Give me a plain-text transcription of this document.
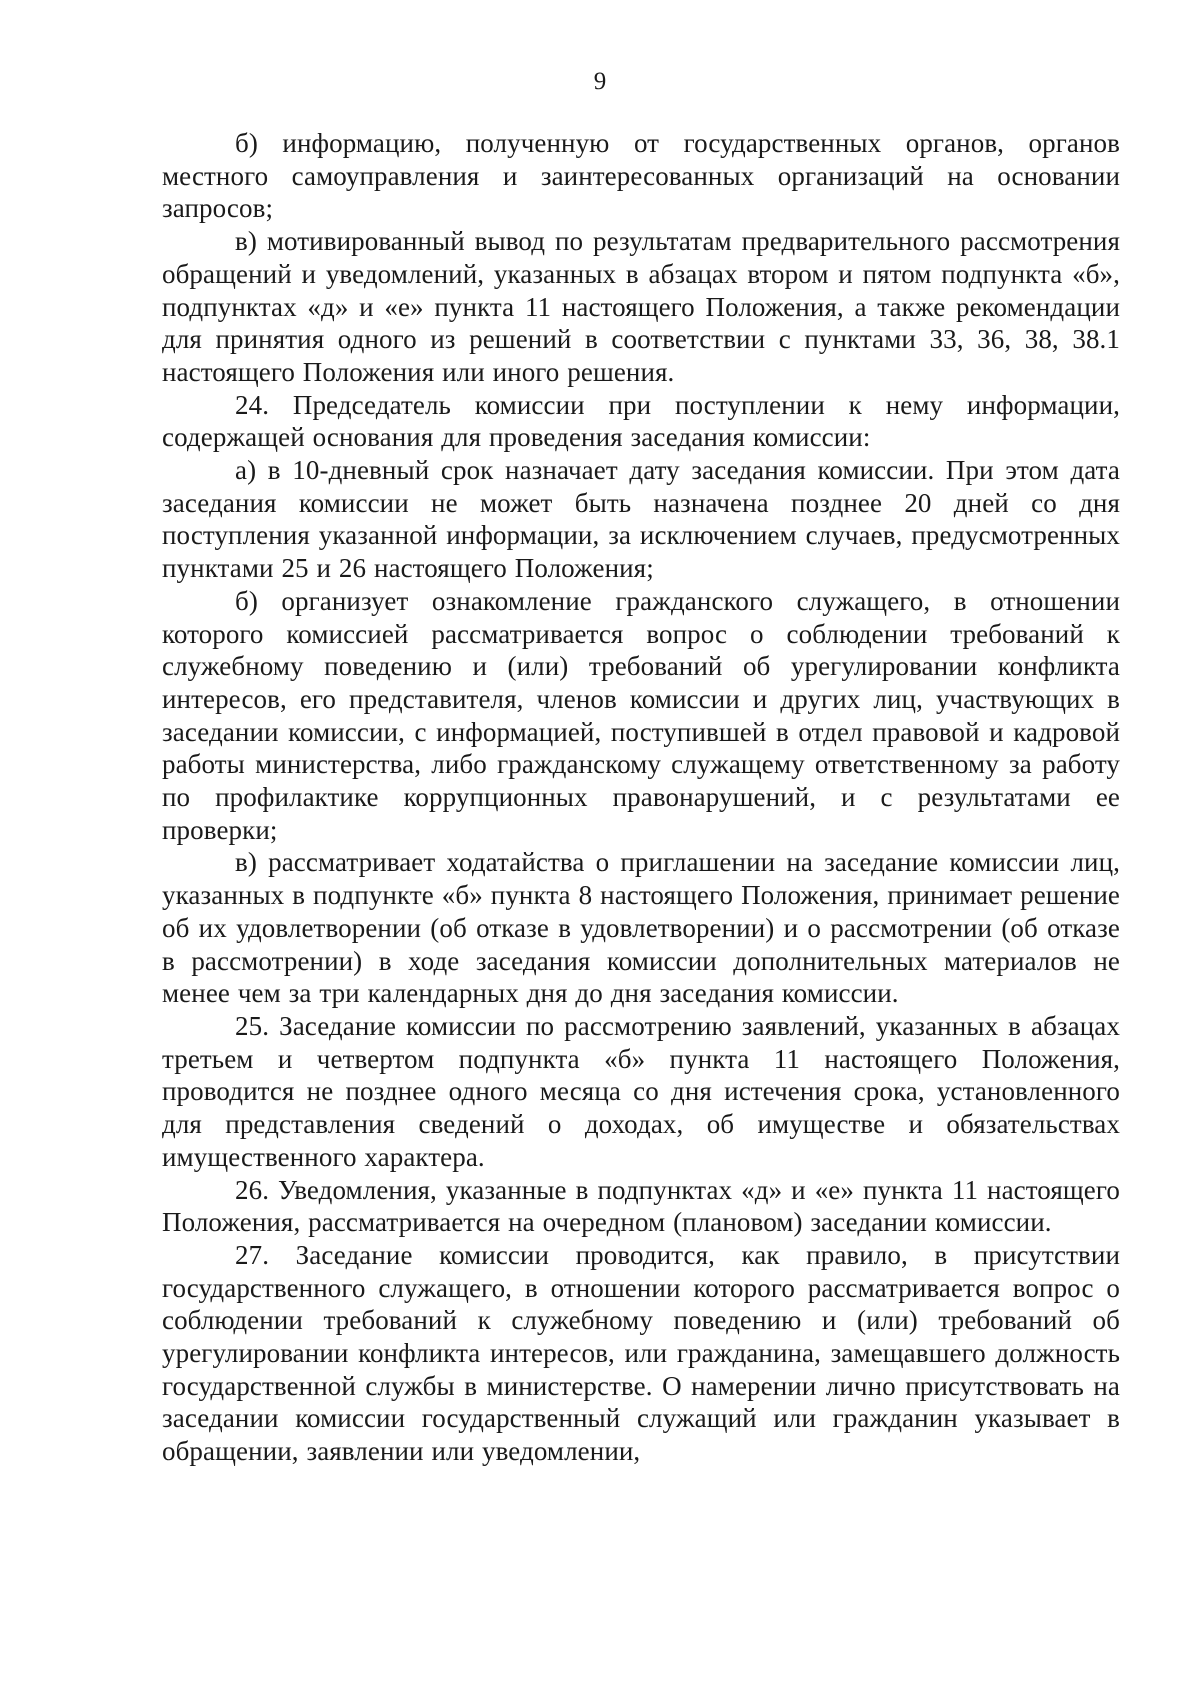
9

б) информацию, полученную от государственных органов, органов местного самоуправления и заинтересованных организаций на основании запросов;

в) мотивированный вывод по результатам предварительного рассмотрения обращений и уведомлений, указанных в абзацах втором и пятом подпункта «б», подпунктах «д» и «е» пункта 11 настоящего Положения, а также рекомендации для принятия одного из решений в соответствии с пунктами 33, 36, 38, 38.1 настоящего Положения или иного решения.

24. Председатель комиссии при поступлении к нему информации, содержащей основания для проведения заседания комиссии:

а) в 10-дневный срок назначает дату заседания комиссии. При этом дата заседания комиссии не может быть назначена позднее 20 дней со дня поступления указанной информации, за исключением случаев, предусмотренных пунктами 25 и 26 настоящего Положения;

б) организует ознакомление гражданского служащего, в отношении которого комиссией рассматривается вопрос о соблюдении требований к служебному поведению и (или) требований об урегулировании конфликта интересов, его представителя, членов комиссии и других лиц, участвующих в заседании комиссии, с информацией, поступившей в отдел правовой и кадровой работы министерства, либо гражданскому служащему ответственному за работу по профилактике коррупционных правонарушений, и с результатами ее проверки;

в) рассматривает ходатайства о приглашении на заседание комиссии лиц, указанных в подпункте «б» пункта 8 настоящего Положения, принимает решение об их удовлетворении (об отказе в удовлетворении) и о рассмотрении (об отказе в рассмотрении) в ходе заседания комиссии дополнительных материалов не менее чем за три календарных дня до дня заседания комиссии.

25. Заседание комиссии по рассмотрению заявлений, указанных в абзацах третьем и четвертом подпункта «б» пункта 11 настоящего Положения, проводится не позднее одного месяца со дня истечения срока, установленного для представления сведений о доходах, об имуществе и обязательствах имущественного характера.

26. Уведомления, указанные в подпунктах «д» и «е» пункта 11 настоящего Положения, рассматривается на очередном (плановом) заседании комиссии.

27. Заседание комиссии проводится, как правило, в присутствии государственного служащего, в отношении которого рассматривается вопрос о соблюдении требований к служебному поведению и (или) требований об урегулировании конфликта интересов, или гражданина, замещавшего должность государственной службы в министерстве. О намерении лично присутствовать на заседании комиссии государственный служащий или гражданин указывает в обращении, заявлении или уведомлении,
